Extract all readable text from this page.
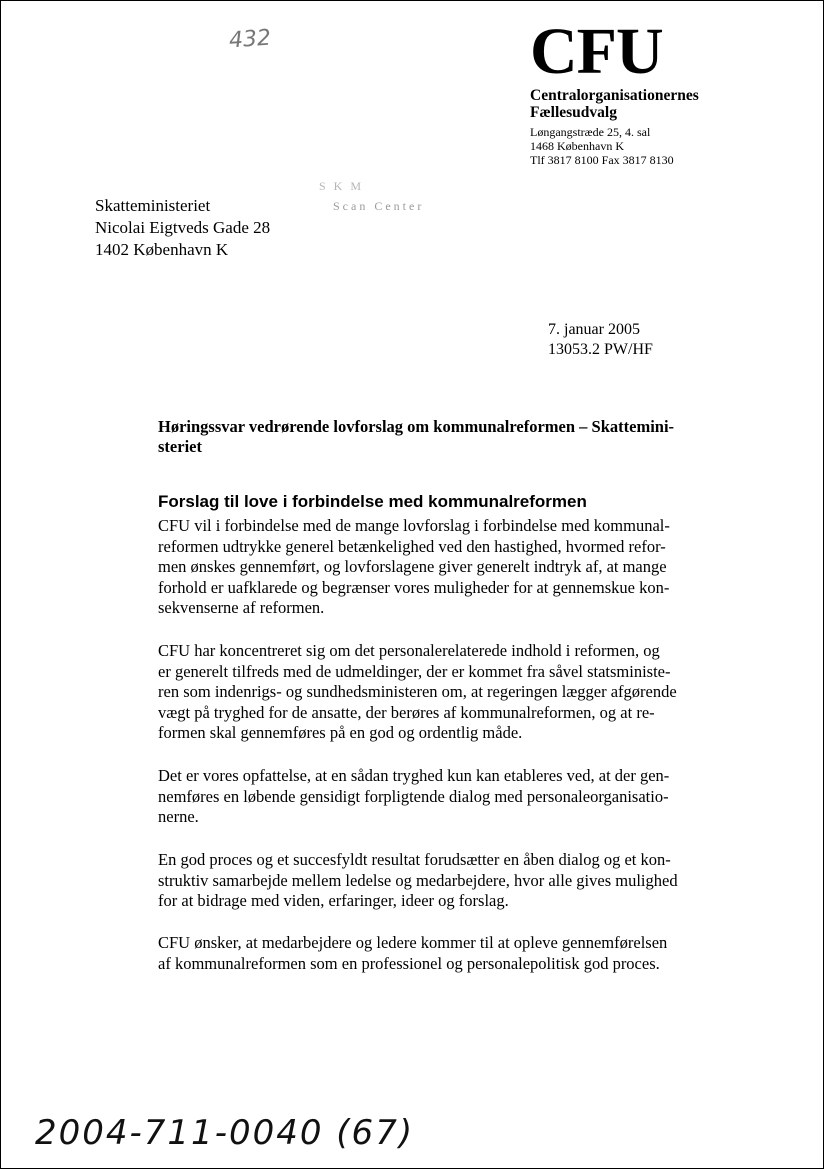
432	CFU
Centralorganisationernes
Fællesudvalg
Løngangstræde 25, 4. sal
1468 København K
Tlf 3817 8100 Fax 3817 8130
SKM
Scan Center
Skatteministeriet
Nicolai Eigtveds Gade 28
1402 København K
7. januar 2005
13053.2 PW/HF
Høringssvar vedrørende lovforslag om kommunalreformen – Skattemini-
steriet
Forslag til love i forbindelse med kommunalreformen
CFU vil i forbindelse med de mange lovforslag i forbindelse med kommunal-
reformen udtrykke generel betænkelighed ved den hastighed, hvormed refor-
men ønskes gennemført, og lovforslagene giver generelt indtryk af, at mange
forhold er uafklarede og begrænser vores muligheder for at gennemskue kon-
sekvenserne af reformen.
CFU har koncentreret sig om det personalerelaterede indhold i reformen, og
er generelt tilfreds med de udmeldinger, der er kommet fra såvel statsministe-
ren som indenrigs- og sundhedsministeren om, at regeringen lægger afgørende
vægt på tryghed for de ansatte, der berøres af kommunalreformen, og at re-
formen skal gennemføres på en god og ordentlig måde.
Det er vores opfattelse, at en sådan tryghed kun kan etableres ved, at der gen-
nemføres en løbende gensidigt forpligtende dialog med personaleorganisatio-
nerne.
En god proces og et succesfyldt resultat forudsætter en åben dialog og et kon-
struktiv samarbejde mellem ledelse og medarbejdere, hvor alle gives mulighed
for at bidrage med viden, erfaringer, ideer og forslag.
CFU ønsker, at medarbejdere og ledere kommer til at opleve gennemførelsen
af kommunalreformen som en professionel og personalepolitisk god proces.
2004-711-0040 (67)
